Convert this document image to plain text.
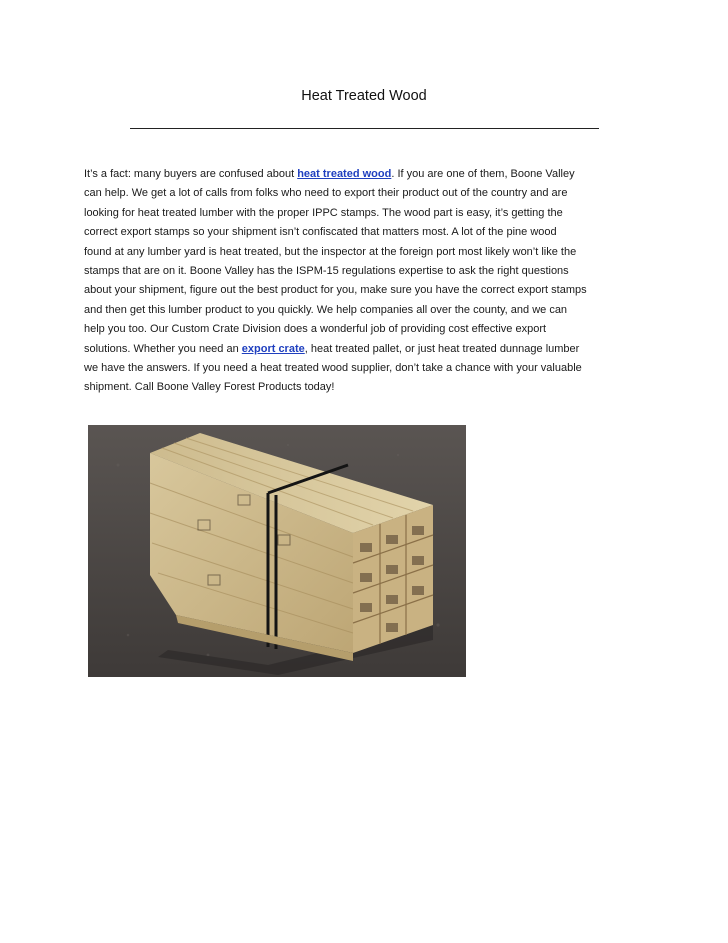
Heat Treated Wood
It’s a fact: many buyers are confused about heat treated wood. If you are one of them, Boone Valley
can help. We get a lot of calls from folks who need to export their product out of the country and are
looking for heat treated lumber with the proper IPPC stamps. The wood part is easy, it’s getting the
correct export stamps so your shipment isn’t confiscated that matters most. A lot of the pine wood
found at any lumber yard is heat treated, but the inspector at the foreign port most likely won’t like the
stamps that are on it. Boone Valley has the ISPM-15 regulations expertise to ask the right questions
about your shipment, figure out the best product for you, make sure you have the correct export stamps
and then get this lumber product to you quickly. We help companies all over the county, and we can
help you too. Our Custom Crate Division does a wonderful job of providing cost effective export
solutions. Whether you need an export crate, heat treated pallet, or just heat treated dunnage lumber
we have the answers. If you need a heat treated wood supplier, don’t take a chance with your valuable
shipment. Call Boone Valley Forest Products today!
